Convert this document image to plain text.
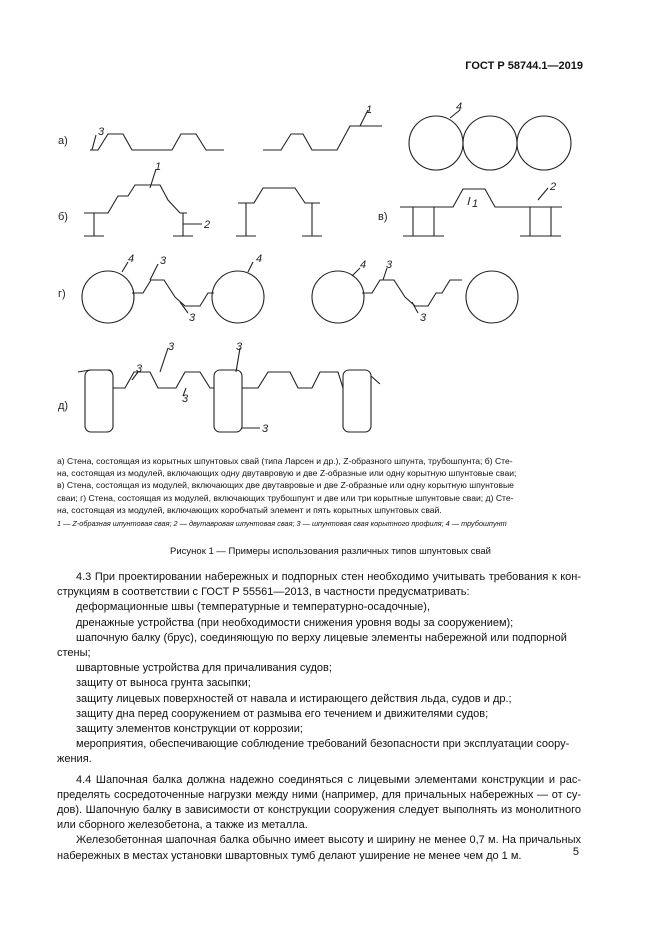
ГОСТ Р 58744.1—2019
а)
б)	в)
г)
д)
3
1	4
1
2
1
2
4	4
3
3
4 3
3
3
3	3
3
3

а) Стена, состоящая из корытных шпунтовых свай (типа Ларсен и др.), Z-образного шпунта, трубошпунта; б) Сте-

на, состоящая из модулей, включающих одну двутавровую и две Z-образные или одну корытную шпунтовые сваи;

в) Стена, состоящая из модулей, включающих две двутавровые и две Z-образные или одну корытную шпунтовые

сваи; г) Стена, состоящая из модулей, включающих трубошпунт и две или три корытные шпунтовые сваи; д) Сте-

на, состоящая из модулей, включающих коробчатый элемент и пять корытных шпунтовых свай.

1 — Z-образная шпунтовая свая; 2 — двутавровая шпунтовая свая; 3 — шпунтовая свая корытного профиля; 4 — трубошпунт
Рисунок 1 — Примеры использования различных типов шпунтовых свай

4.3 При проектировании набережных и подпорных стен необходимо учитывать требования к кон-струкциям в соответствии с ГОСТ Р 55561—2013, в частности предусматривать:

деформационные швы (температурные и температурно-осадочные),

дренажные устройства (при необходимости снижения уровня воды за сооружением);

шапочную балку (брус), соединяющую по верху лицевые элементы набережной или подпорной

стены;

швартовные устройства для причаливания судов;

защиту от выноса грунта засыпки;

защиту лицевых поверхностей от навала и истирающего действия льда, судов и др.;

защиту дна перед сооружением от размыва его течением и движителями судов;

защиту элементов конструкции от коррозии;

мероприятия, обеспечивающие соблюдение требований безопасности при эксплуатации соору-

жения.

4.4 Шапочная балка должна надежно соединяться с лицевыми элементами конструкции и рас-пределять сосредоточенные нагрузки между ними (например, для причальных набережных — от су-дов). Шапочную балку в зависимости от конструкции сооружения следует выполнять из монолитного или сборного железобетона, а также из металла.

Железобетонная шапочная балка обычно имеет высоту и ширину не менее 0,7 м. На причальных набережных в местах установки швартовных тумб делают уширение не менее чем до 1 м.	5
